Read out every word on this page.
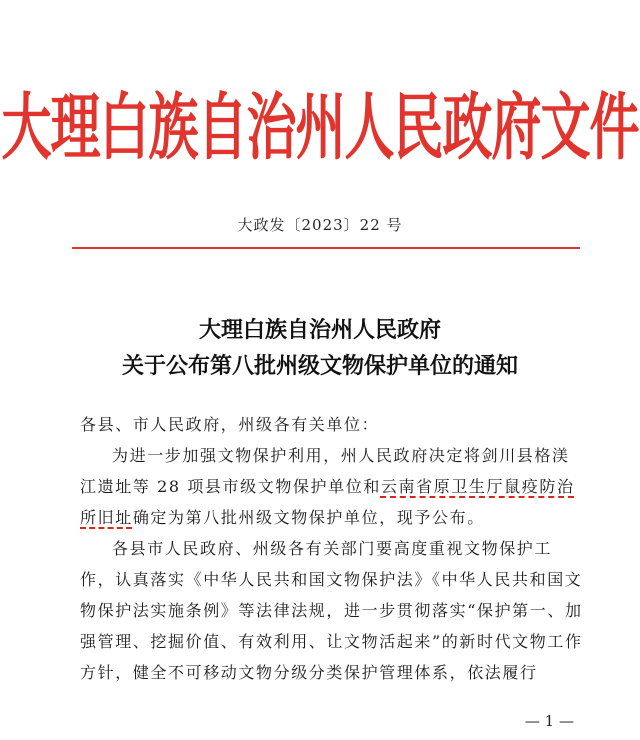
大理白族自治州人民政府文件
大政发〔2023〕22 号
大理白族自治州人民政府
关于公布第八批州级文物保护单位的通知

各县、市人民政府，州级各有关单位：

为进一步加强文物保护利用，州人民政府决定将剑川县格渼江遗址等 28 项县市级文物保护单位和云南省原卫生厅鼠疫防治所旧址确定为第八批州级文物保护单位，现予公布。

各县市人民政府、州级各有关部门要高度重视文物保护工作，认真落实《中华人民共和国文物保护法》《中华人民共和国文物保护法实施条例》等法律法规，进一步贯彻落实“保护第一、加强管理、挖掘价值、有效利用、让文物活起来”的新时代文物工作方针，健全不可移动文物分级分类保护管理体系，依法履行

— 1 —
